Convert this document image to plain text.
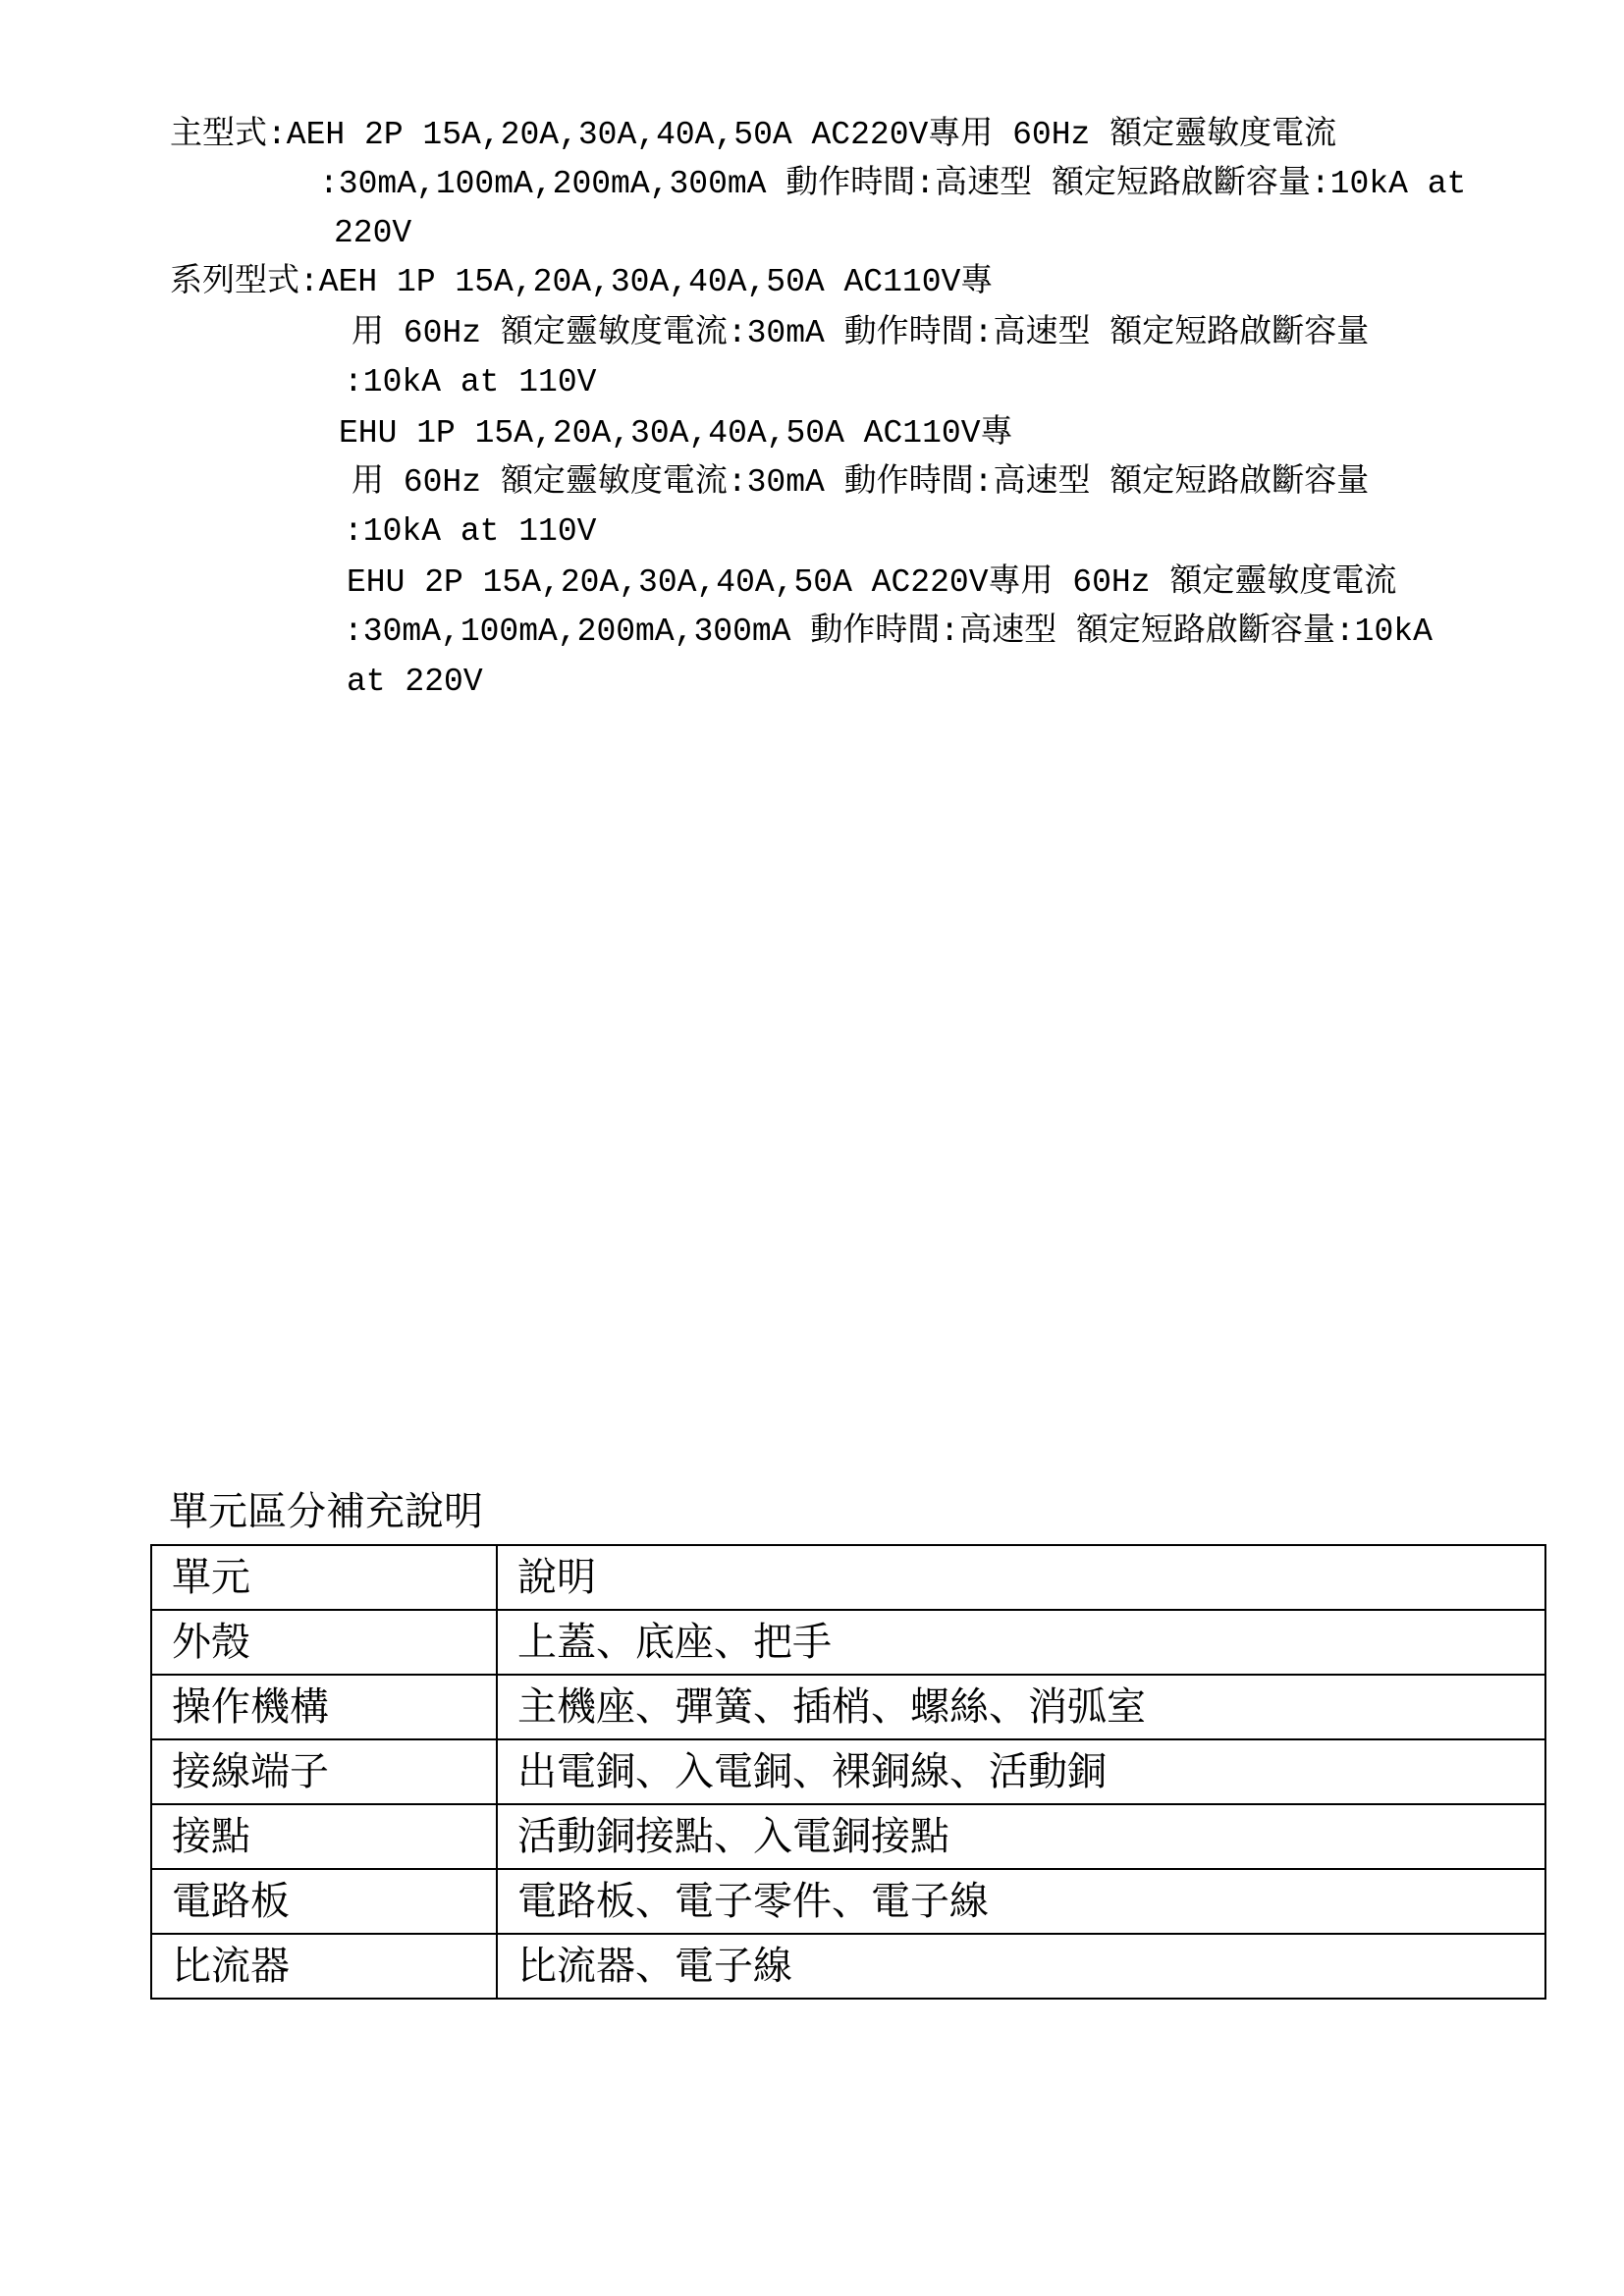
主型式:AEH 2P 15A,20A,30A,40A,50A AC220V專用 60Hz 額定靈敏度電流
:30mA,100mA,200mA,300mA 動作時間:高速型 額定短路啟斷容量:10kA at
220V
系列型式:AEH 1P 15A,20A,30A,40A,50A AC110V專
用 60Hz 額定靈敏度電流:30mA 動作時間:高速型 額定短路啟斷容量
:10kA at 110V
EHU 1P 15A,20A,30A,40A,50A AC110V專
用 60Hz 額定靈敏度電流:30mA 動作時間:高速型 額定短路啟斷容量
:10kA at 110V
EHU 2P 15A,20A,30A,40A,50A AC220V專用 60Hz 額定靈敏度電流
:30mA,100mA,200mA,300mA 動作時間:高速型 額定短路啟斷容量:10kA
at 220V
單元區分補充說明
單元	說明
外殼	上蓋、底座、把手
操作機構	主機座、彈簧、插梢、螺絲、消弧室
接線端子	出電銅、入電銅、裸銅線、活動銅
接點	活動銅接點、入電銅接點
電路板	電路板、電子零件、電子線
比流器	比流器、電子線
